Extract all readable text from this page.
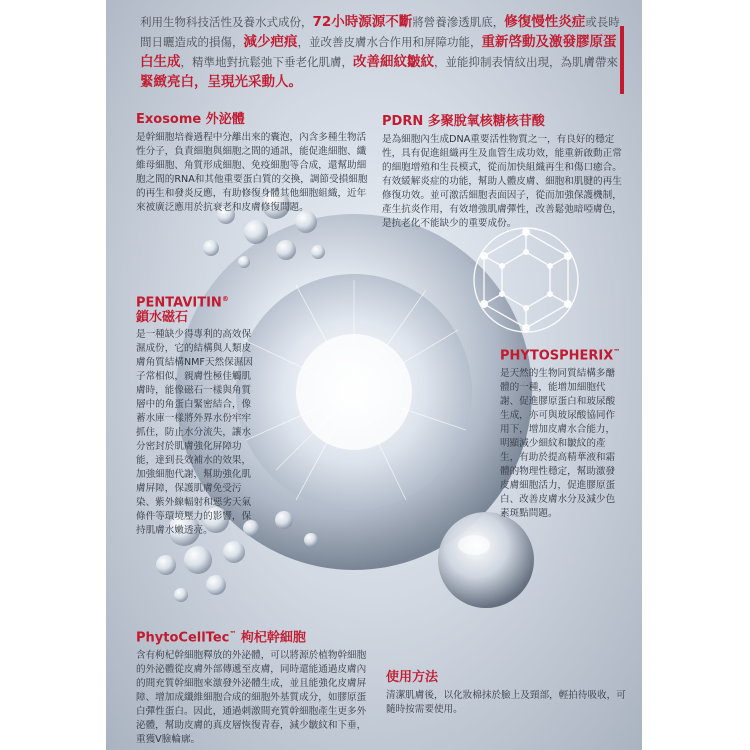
利用生物科技活性及養水式成份，72小時源源不斷將營養滲透肌底，修復慢性炎症或長時間日曬造成的損傷，減少疤痕，並改善皮膚水合作用和屏障功能，重新啓動及激發膠原蛋白生成，精準地對抗鬆弛下垂老化肌膚，改善細紋皺紋，並能抑制表情紋出現，為肌膚帶來緊緻亮白，呈現光采動人。

Exosome 外泌體

是幹細胞培養過程中分離出來的囊泡，內含多種生物活性分子，負責細胞與細胞之間的通訊，能促進細胞、纖維母細胞、角質形成細胞、免疫細胞等合成，還幫助細胞之間的RNA和其他重要蛋白質的交換，調節受損細胞的再生和發炎反應，有助修復身體其他細胞組織，近年來被廣泛應用於抗衰老和皮膚修復問題。

PDRN 多聚脫氧核糖核苷酸

是為細胞內生成DNA重要活性物質之一，有良好的穩定性，具有促進組織再生及血管生成功效，能重新啟動正常的細胞增殖和生長模式，從而加快組織再生和傷口癒合。有效緩解炎症的功能，幫助人體皮膚、細胞和肌腱的再生修復功效。並可激活細胞表面因子，從而加強保護機制，產生抗炎作用，有效增強肌膚彈性，改善鬆弛暗啞膚色，是抗老化不能缺少的重要成份。

PENTAVITIN®
鎖水磁石

是一種缺少得專利的高效保濕成份，它的結構與人類皮膚角質結構NMF天然保濕因子常相似，親膚性極佳觸肌膚時，能像磁石一樣與角質層中的角蛋白緊密結合，像蓄水庫一樣將外界水份牢牢抓住，防止水分流失，讓水分密封於肌膚強化屏障功能，達到長效補水的效果，加強細胞代謝，幫助強化肌膚屏障，保護肌膚免受污染、紫外線輻射和惡劣天氣條件等環境壓力的影響，保持肌膚水嫩透亮。

PHYTOSPHERIX™

是天然的生物同質結構多醣體的一種，能增加細胞代謝、促進膠原蛋白和玻尿酸生成，亦可與玻尿酸協同作用下，增加皮膚水合能力，明顯減少細紋和皺紋的產生，有助於提高精華液和霜體的物理性穩定，幫助激發皮膚細胞活力，促進膠原蛋白、改善皮膚水分及減少色素斑點問題。

PhytoCellTec™ 枸杞幹細胞

含有枸杞幹細胞釋放的外泌體，可以將源於植物幹細胞的外泌體從皮膚外部傳遞至皮膚，同時還能通過皮膚內的間充質幹細胞來激發外泌體生成，並且能強化皮膚屏障、增加成纖維細胞合成的細胞外基質成分，如膠原蛋白彈性蛋白。因此，通過刺激間充質幹細胞產生更多外泌體，幫助皮膚的真皮層恢復青春，減少皺紋和下垂，重獲V臉輪廓。

使用方法

清潔肌膚後，以化妝棉抹於臉上及頸部，輕拍待吸收，可隨時按需要使用。
